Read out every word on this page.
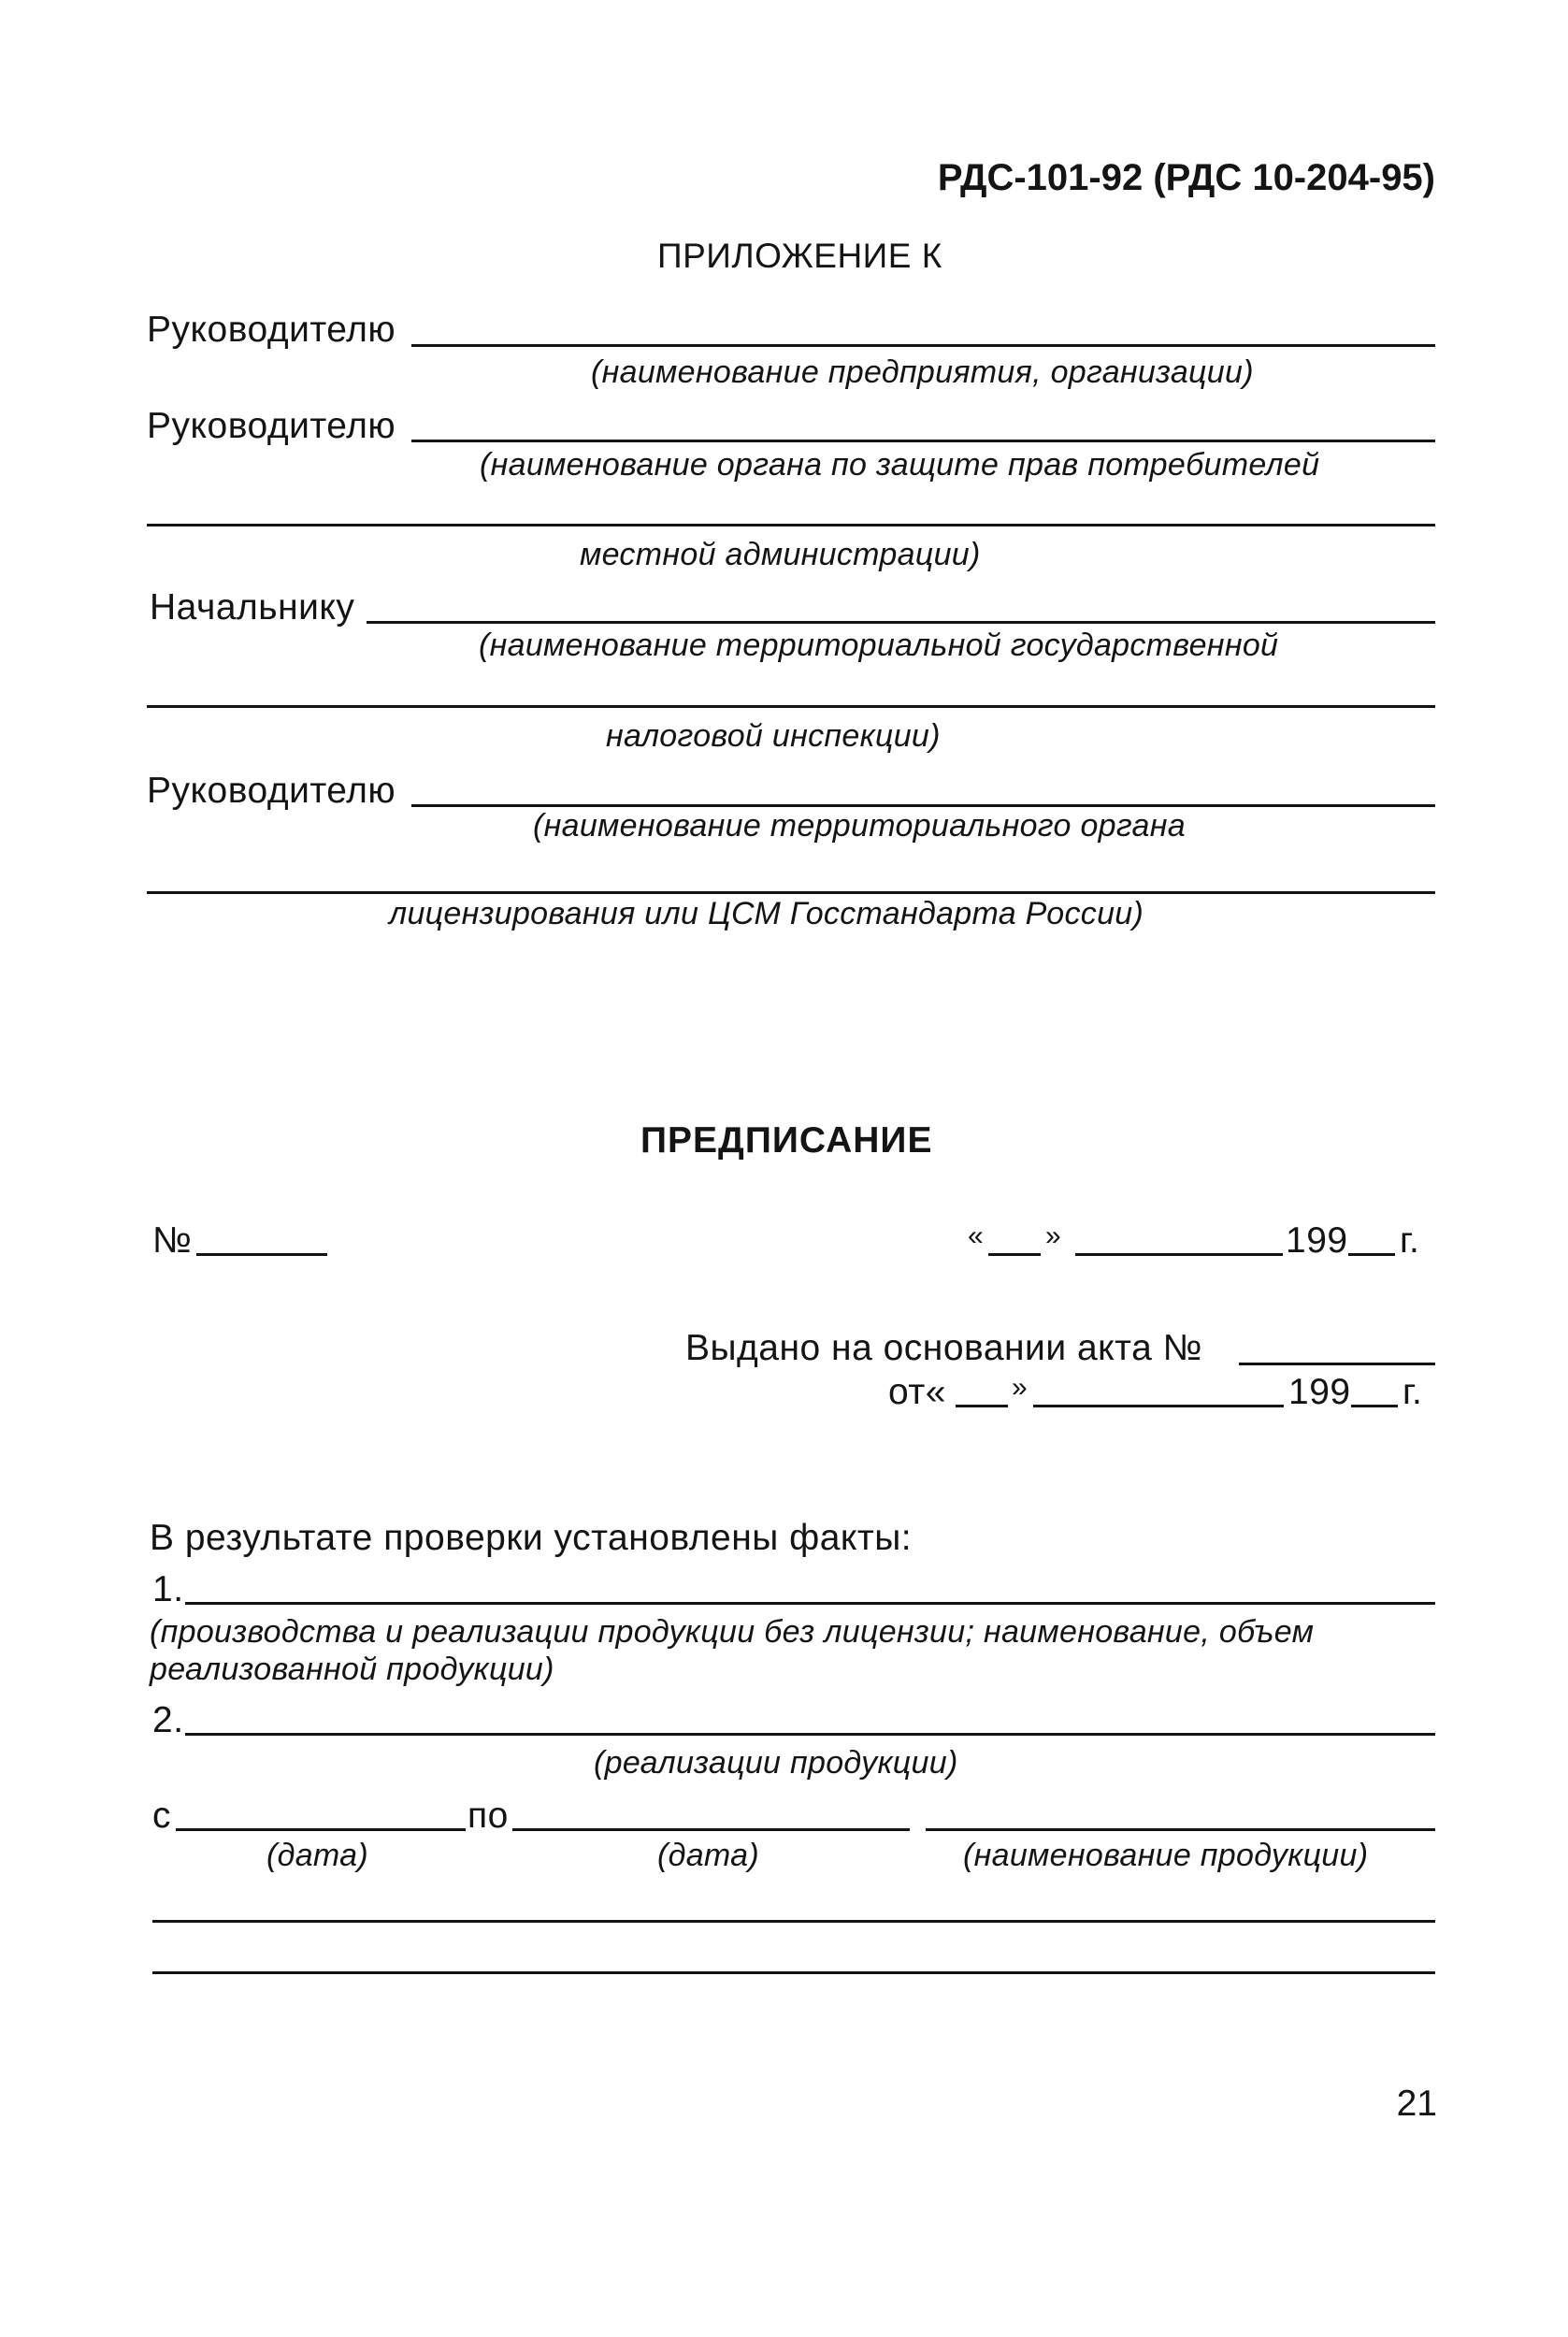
РДС-101-92 (РДС 10-204-95)
ПРИЛОЖЕНИЕ К
Руководителю
(наименование предприятия, организации)
Руководителю
(наименование органа по защите прав потребителей
местной администрации)
Начальнику
(наименование территориальной государственной
налоговой инспекции)
Руководителю
(наименование территориального органа
лицензирования или ЦСМ Госстандарта России)
ПРЕДПИСАНИЕ
№	« »	199 г.
Выдано на основании акта №
от« »	199 г.
В результате проверки установлены факты:
1.
(производства и реализации продукции без лицензии; наименование, объем
реализованной продукции)
2.
(реализации продукции)
с	по
(дата)	(дата)	(наименование продукции)
21
